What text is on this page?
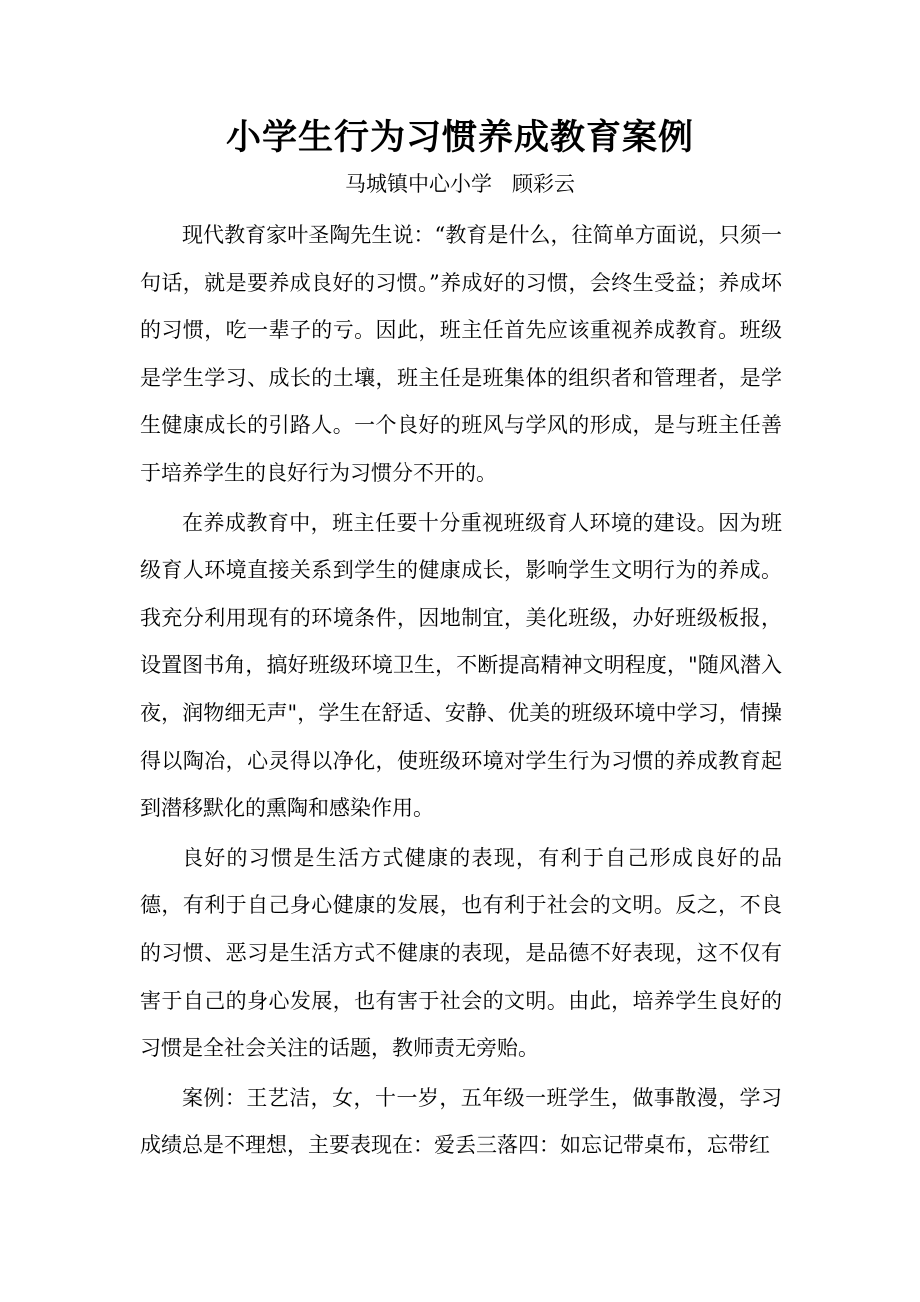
小学生行为习惯养成教育案例

马城镇中心小学   顾彩云

现代教育家叶圣陶先生说：“教育是什么，往简单方面说，只须一句话，就是要养成良好的习惯。”养成好的习惯，会终生受益；养成坏的习惯，吃一辈子的亏。因此，班主任首先应该重视养成教育。班级是学生学习、成长的土壤，班主任是班集体的组织者和管理者，是学生健康成长的引路人。一个良好的班风与学风的形成，是与班主任善于培养学生的良好行为习惯分不开的。

在养成教育中，班主任要十分重视班级育人环境的建设。因为班级育人环境直接关系到学生的健康成长，影响学生文明行为的养成。我充分利用现有的环境条件，因地制宜，美化班级，办好班级板报，设置图书角，搞好班级环境卫生，不断提高精神文明程度，"随风潜入夜，润物细无声"，学生在舒适、安静、优美的班级环境中学习，情操得以陶冶，心灵得以净化，使班级环境对学生行为习惯的养成教育起到潜移默化的熏陶和感染作用。

良好的习惯是生活方式健康的表现，有利于自己形成良好的品德，有利于自己身心健康的发展，也有利于社会的文明。反之，不良的习惯、恶习是生活方式不健康的表现，是品德不好表现，这不仅有害于自己的身心发展，也有害于社会的文明。由此，培养学生良好的习惯是全社会关注的话题，教师责无旁贻。

案例：王艺洁，女，十一岁，五年级一班学生，做事散漫，学习成绩总是不理想，主要表现在：爱丢三落四：如忘记带桌布，忘带红
